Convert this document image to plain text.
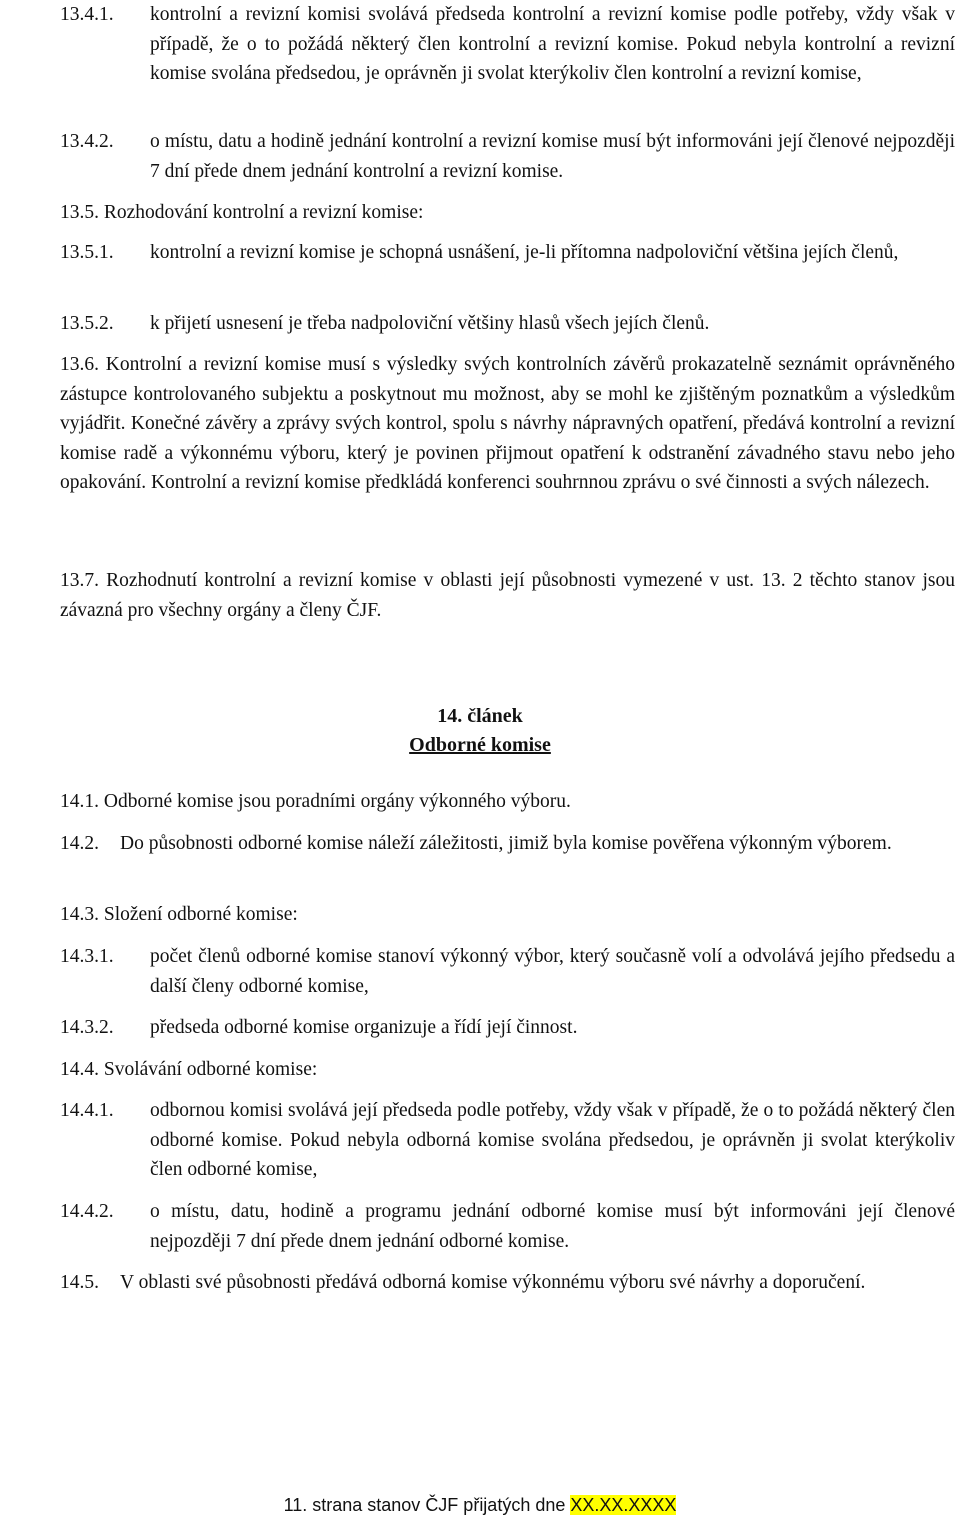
13.4.1.	kontrolní a revizní komisi svolává předseda kontrolní a revizní komise podle potřeby, vždy však v případě, že o to požádá některý člen kontrolní a revizní komise. Pokud nebyla kontrolní a revizní komise svolána předsedou, je oprávněn ji svolat kterýkoliv člen kontrolní a revizní komise,
13.4.2.	o místu, datu a hodině jednání kontrolní a revizní komise musí být informováni její členové nejpozději 7 dní přede dnem jednání kontrolní a revizní komise.
13.5. Rozhodování kontrolní a revizní komise:
13.5.1.	kontrolní a revizní komise je schopná usnášení, je-li přítomna nadpoloviční většina jejích členů,
13.5.2.	k přijetí usnesení je třeba nadpoloviční většiny hlasů všech jejích členů.
13.6. Kontrolní a revizní komise musí s výsledky svých kontrolních závěrů prokazatelně seznámit oprávněného zástupce kontrolovaného subjektu a poskytnout mu možnost, aby se mohl ke zjištěným poznatkům a výsledkům vyjádřit. Konečné závěry a zprávy svých kontrol, spolu s návrhy nápravných opatření, předává kontrolní a revizní komise radě a výkonnému výboru, který je povinen přijmout opatření k odstranění závadného stavu nebo jeho opakování. Kontrolní a revizní komise předkládá konferenci souhrnnou zprávu o své činnosti a svých nálezech.
13.7. Rozhodnutí kontrolní a revizní komise v oblasti její působnosti vymezené v ust. 13. 2 těchto stanov jsou závazná pro všechny orgány a členy ČJF.
14. článek
Odborné komise
14.1. Odborné komise jsou poradními orgány výkonného výboru.
14.2.	Do působnosti odborné komise náleží záležitosti, jimiž byla komise pověřena výkonným výborem.
14.3. Složení odborné komise:
14.3.1.	počet členů odborné komise stanoví výkonný výbor, který současně volí a odvolává jejího předsedu a další členy odborné komise,
14.3.2.	předseda odborné komise organizuje a řídí její činnost.
14.4. Svolávání odborné komise:
14.4.1.	odbornou komisi svolává její předseda podle potřeby, vždy však v případě, že o to požádá některý člen odborné komise. Pokud nebyla odborná komise svolána předsedou, je oprávněn ji svolat kterýkoliv člen odborné komise,
14.4.2.	o místu, datu, hodině a programu jednání odborné komise musí být informováni její členové nejpozději 7 dní přede dnem jednání odborné komise.
14.5.	V oblasti své působnosti předává odborná komise výkonnému výboru své návrhy a doporučení.
11. strana stanov ČJF přijatých dne XX.XX.XXXX
